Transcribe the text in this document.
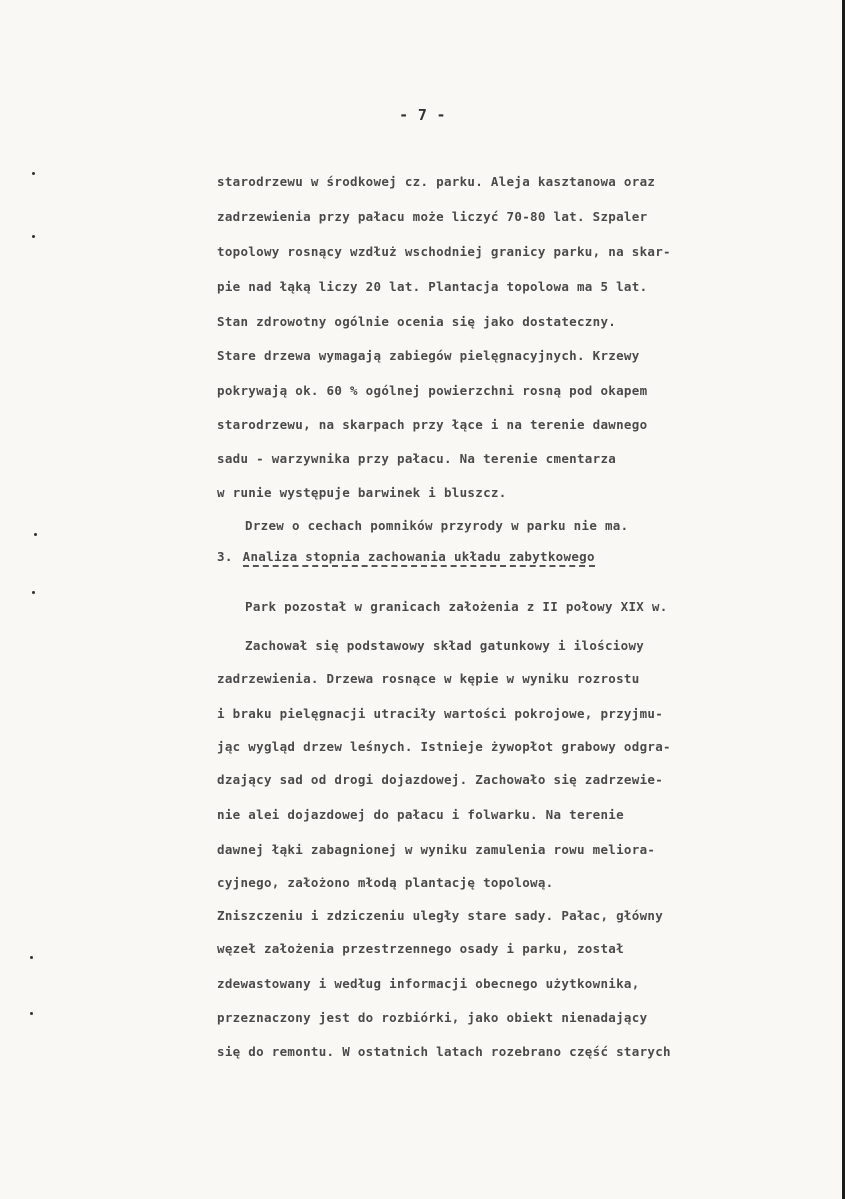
- 7 -
starodrzewu w środkowej cz. parku. Aleja kasztanowa oraz
zadrzewienia przy pałacu może liczyć 70-80 lat. Szpaler
topolowy rosnący wzdłuż wschodniej granicy parku, na skar-
pie nad łąką liczy 20 lat. Plantacja topolowa ma 5 lat.
Stan zdrowotny ogólnie ocenia się jako dostateczny.
Stare drzewa wymagają zabiegów pielęgnacyjnych. Krzewy
pokrywają ok. 60 % ogólnej powierzchni rosną pod okapem
starodrzewu, na skarpach przy łące i na terenie dawnego
sadu - warzywnika przy pałacu. Na terenie cmentarza
w runie występuje barwinek i bluszcz.
Drzew o cechach pomników przyrody w parku nie ma.
3. Analiza stopnia zachowania układu zabytkowego
Park pozostał w granicach założenia z II połowy XIX w.
Zachował się podstawowy skład gatunkowy i ilościowy
zadrzewienia. Drzewa rosnące w kępie w wyniku rozrostu
i braku pielęgnacji utraciły wartości pokrojowe, przyjmu-
jąc wygląd drzew leśnych. Istnieje żywopłot grabowy odgra-
dzający sad od drogi dojazdowej. Zachowało się zadrzewie-
nie alei dojazdowej do pałacu i folwarku. Na terenie
dawnej łąki zabagnionej w wyniku zamulenia rowu meliora-
cyjnego, założono młodą plantację topolową.
Zniszczeniu i zdziczeniu uległy stare sady. Pałac, główny
węzeł założenia przestrzennego osady i parku, został
zdewastowany i według informacji obecnego użytkownika,
przeznaczony jest do rozbiórki, jako obiekt nienadający
się do remontu. W ostatnich latach rozebrano część starych
